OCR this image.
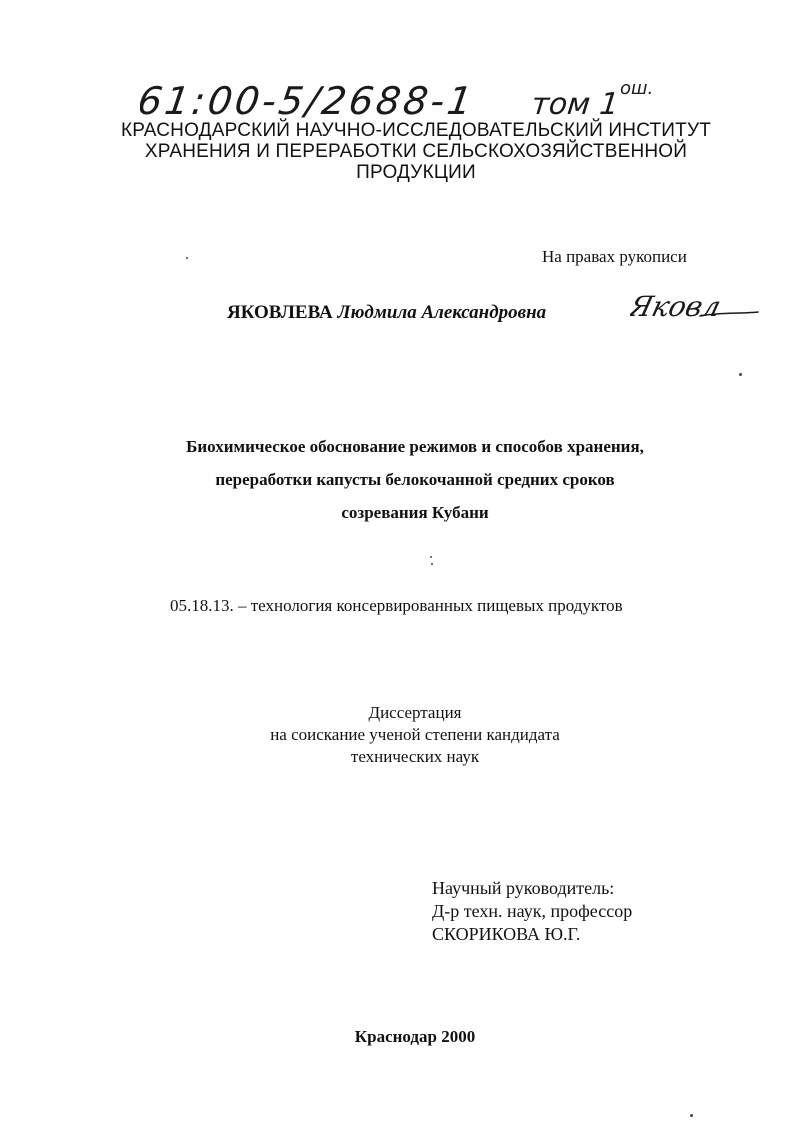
61:00-5/2688-1 том 1 ош.
КРАСНОДАРСКИЙ НАУЧНО-ИССЛЕДОВАТЕЛЬСКИЙ ИНСТИТУТ
ХРАНЕНИЯ И ПЕРЕРАБОТКИ СЕЛЬСКОХОЗЯЙСТВЕННОЙ
ПРОДУКЦИИ
На правах рукописи
ЯКОВЛЕВА Людмила Александровна	Яковл
Биохимическое обоснование режимов и способов хранения,
переработки капусты белокочанной средних сроков
созревания Кубани
05.18.13. – технология консервированных пищевых продуктов
Диссертация
на соискание ученой степени кандидата
технических наук
Научный руководитель:
Д-р техн. наук, профессор
СКОРИКОВА Ю.Г.
Краснодар 2000
